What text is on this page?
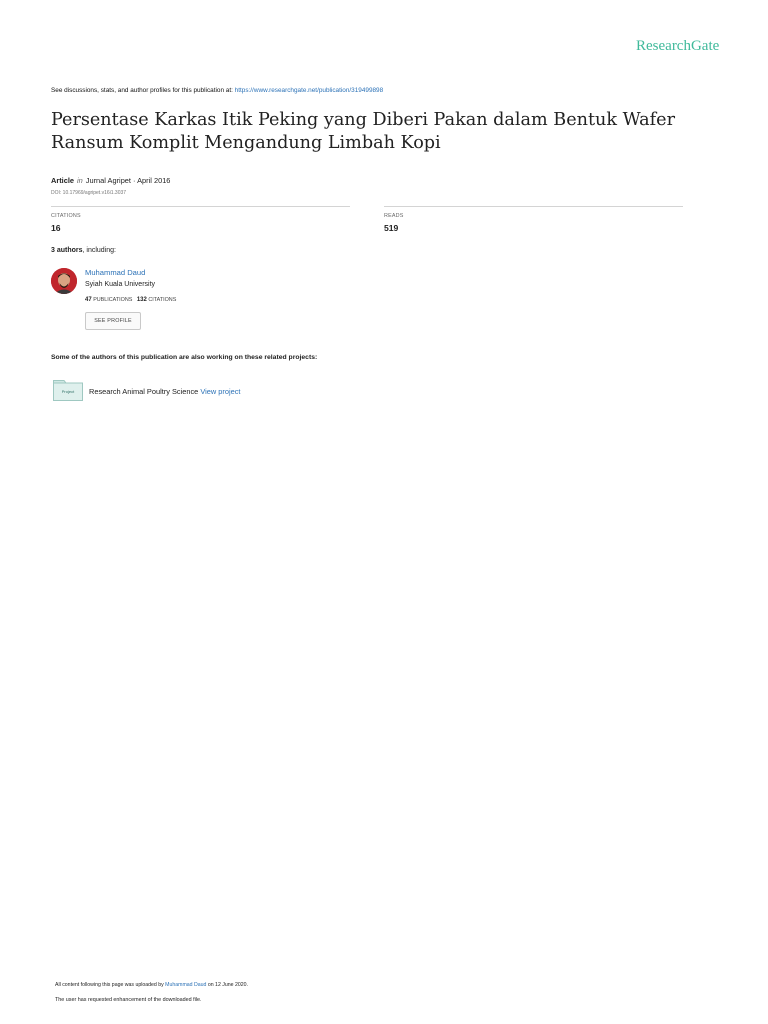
ResearchGate
See discussions, stats, and author profiles for this publication at: https://www.researchgate.net/publication/319499898
Persentase Karkas Itik Peking yang Diberi Pakan dalam Bentuk Wafer Ransum Komplit Mengandung Limbah Kopi
Article in Jurnal Agripet · April 2016
DOI: 10.17969/agripet.v16i1.3037
CITATIONS
16
READS
519
3 authors, including:
Muhammad Daud
Syiah Kuala University
47 PUBLICATIONS 132 CITATIONS
SEE PROFILE
Some of the authors of this publication are also working on these related projects:
Project	Research Animal Poultry Science View project
All content following this page was uploaded by Muhammad Daud on 12 June 2020.
The user has requested enhancement of the downloaded file.
